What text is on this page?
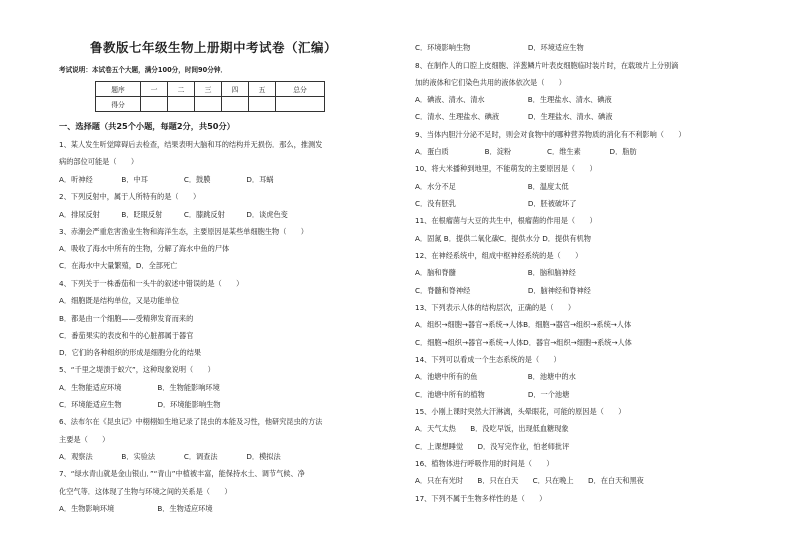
鲁教版七年级生物上册期中考试卷（汇编）
考试说明：本试卷五个大题，满分100分，时间90分钟．
题序	一	二	三	四	五	总分
得分						
一、选择题（共25个小题，每题2分，共50分）
1、某人发生听觉障碍后去检查，结果表明大脑和耳的结构并无损伤．那么，推测发
病的部位可能是（　　）
A．听神经　　　　B．中耳　　　　　C．鼓膜　　　　　D．耳蜗
2、下列反射中，属于人所特有的是（　　）
A．排尿反射　　　B．眨眼反射　　　C．膝跳反射　　　D．谈虎色变
3、赤潮会严重危害渔业生物和海洋生态，主要原因是某些单细胞生物（　　）
A．吸收了海水中所有的生物，分解了海水中鱼的尸体
C．在海水中大量繁殖，D．全部死亡
4、下列关于一株番茄和一头牛的叙述中错误的是（　　）
A．细胞既是结构单位，又是功能单位
B．都是由一个细胞——受精卵发育而来的
C．番茄果实的表皮和牛的心脏都属于器官
D．它们的各种组织的形成是细胞分化的结果
5、“千里之堤溃于蚁穴”，这种现象说明（　　）
A．生物能适应环境　　　　　B．生物能影响环境
C．环境能适应生物　　　　　D．环境能影响生物
6、法布尔在《昆虫记》中栩栩如生地记录了昆虫的本能及习性，他研究昆虫的方法
主要是（　　）
A．观察法　　　　B．实验法　　　　C．调查法　　　　D．模拟法
7、“绿水青山就是金山银山．”“青山”中植被丰富，能保持水土、调节气候、净
化空气等．这体现了生物与环境之间的关系是（　　）
A．生物影响环境　　　　　　B．生物适应环境
C．环境影响生物　　　　　　　　D．环境适应生物
8、在制作人的口腔上皮细胞、洋葱鳞片叶表皮细胞临时装片时，在载玻片上分别滴
加的液体和它们染色共用的液体依次是（　　）
A．碘液、清水、清水　　　　　　B．生理盐水、清水、碘液
C．清水、生理盐水、碘液　　　　D．生理盐水、清水、碘液
9、当体内胆汁分泌不足时，则会对食物中的哪种营养物质的消化有不利影响（　　）
A．蛋白质　　　　　B．淀粉　　　　　C．维生素　　　　D．脂肪
10、将大米播种到地里，不能萌发的主要原因是（　　）
A．水分不足　　　　　　　　　　B．温度太低
C．没有胚乳　　　　　　　　　　D．胚被破坏了
11、在根瘤菌与大豆的共生中，根瘤菌的作用是（　　）
A．固氮 B．提供二氧化碳C．提供水分 D．提供有机物
12、在神经系统中，组成中枢神经系统的是（　　）
A．脑和脊髓　　　　　　　　　　B．脑和脑神经
C．脊髓和脊神经　　　　　　　　D．脑神经和脊神经
13、下列表示人体的结构层次，正确的是（　　）
A．组织→细胞→器官→系统→人体B．细胞→器官→组织→系统→人体
C．细胞→组织→器官→系统→人体D．器官→组织→细胞→系统→人体
14、下列可以看成一个生态系统的是（　　）
A．池塘中所有的鱼　　　　　　　B．池塘中的水
C．池塘中所有的植物　　　　　　D．一个池塘
15、小刚上课时突然大汗淋漓，头晕眼花，可能的原因是（　　）
A．天气太热　　B．没吃早饭，出现低血糖现象
C．上课想睡觉　　D．没写完作业，怕老师批评
16、植物体进行呼吸作用的时间是（　　）
A．只在有光时　　B．只在白天　　C．只在晚上　　D．在白天和黑夜
17、下列不属于生物多样性的是（　　）
